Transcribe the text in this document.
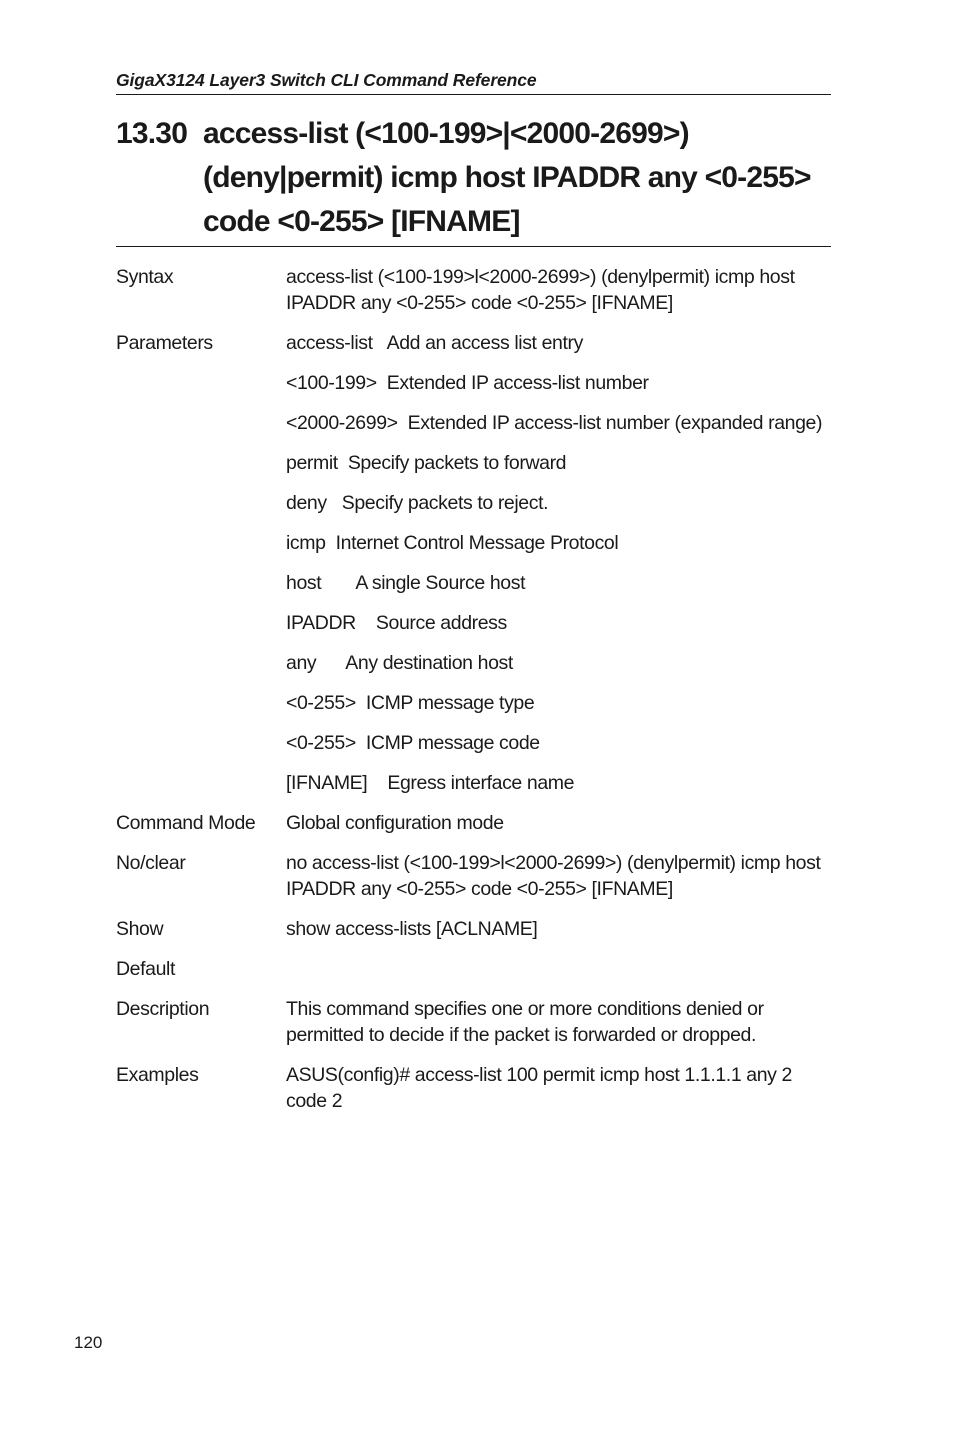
GigaX3124 Layer3 Switch CLI Command Reference
13.30 access-list (<100-199>|<2000-2699>) (deny|permit) icmp host IPADDR any <0-255> code <0-255> [IFNAME]
Syntax	access-list (<100-199>l<2000-2699>) (denylpermit) icmp host IPADDR any <0-255> code <0-255> [IFNAME]
Parameters	access-list   Add an access list entry
<100-199>  Extended IP access-list number
<2000-2699>  Extended IP access-list number (expanded range)
permit  Specify packets to forward
deny   Specify packets to reject.
icmp  Internet Control Message Protocol
host       A single Source host
IPADDR    Source address
any      Any destination host
<0-255>  ICMP message type
<0-255>  ICMP message code
[IFNAME]    Egress interface name
Command Mode	Global configuration mode
No/clear	no access-list (<100-199>l<2000-2699>) (denylpermit) icmp host IPADDR any <0-255> code <0-255> [IFNAME]
Show	show access-lists [ACLNAME]
Default
Description	This command specifies one or more conditions denied or permitted to decide if the packet is forwarded or dropped.
Examples	ASUS(config)# access-list 100 permit icmp host 1.1.1.1 any 2 code 2
120
